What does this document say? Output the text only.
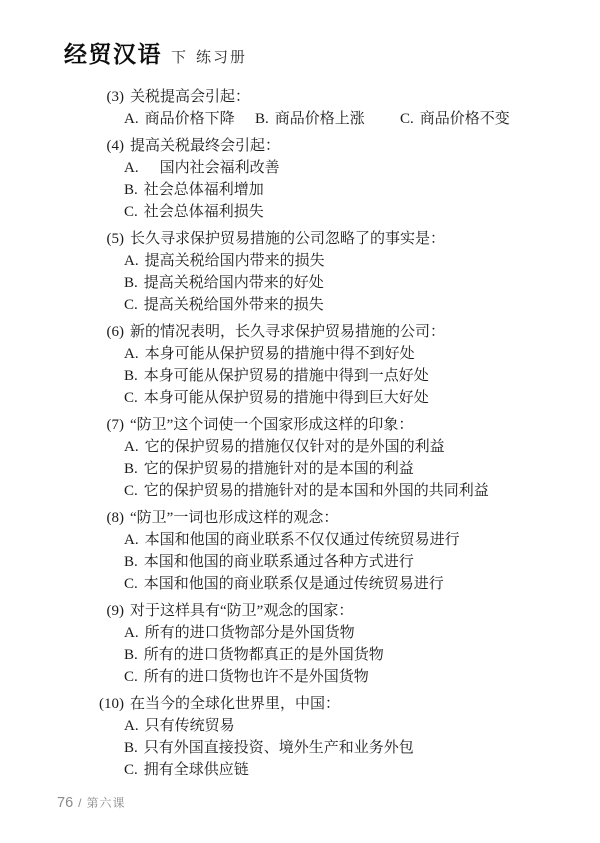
经贸汉语 下 练习册
(3) 关税提高会引起：
A. 商品价格下降 B. 商品价格上涨 C. 商品价格不变
(4) 提高关税最终会引起：
A. 　国内社会福利改善
B. 社会总体福利增加
C. 社会总体福利损失
(5) 长久寻求保护贸易措施的公司忽略了的事实是：
A. 提高关税给国内带来的损失
B. 提高关税给国内带来的好处
C. 提高关税给国外带来的损失
(6) 新的情况表明，长久寻求保护贸易措施的公司：
A. 本身可能从保护贸易的措施中得不到好处
B. 本身可能从保护贸易的措施中得到一点好处
C. 本身可能从保护贸易的措施中得到巨大好处
(7) “防卫”这个词使一个国家形成这样的印象：
A. 它的保护贸易的措施仅仅针对的是外国的利益
B. 它的保护贸易的措施针对的是本国的利益
C. 它的保护贸易的措施针对的是本国和外国的共同利益
(8) “防卫”一词也形成这样的观念：
A. 本国和他国的商业联系不仅仅通过传统贸易进行
B. 本国和他国的商业联系通过各种方式进行
C. 本国和他国的商业联系仅是通过传统贸易进行
(9) 对于这样具有“防卫”观念的国家：
A. 所有的进口货物部分是外国货物
B. 所有的进口货物都真正的是外国货物
C. 所有的进口货物也许不是外国货物
(10) 在当今的全球化世界里，中国：
A. 只有传统贸易
B. 只有外国直接投资、境外生产和业务外包
C. 拥有全球供应链
76 / 第六课
